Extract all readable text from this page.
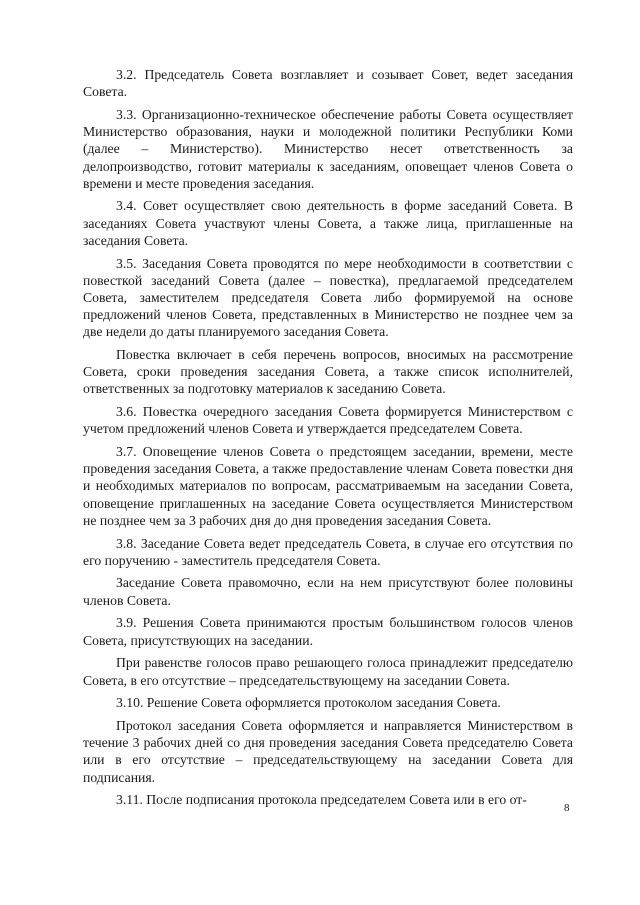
3.2. Председатель Совета возглавляет и созывает Совет, ведет заседания Совета.

3.3. Организационно-техническое обеспечение работы Совета осуществляет Министерство образования, науки и молодежной политики Республики Коми (далее – Министерство). Министерство несет ответственность за делопроизводство, готовит материалы к заседаниям, оповещает членов Совета о времени и месте проведения заседания.

3.4. Совет осуществляет свою деятельность в форме заседаний Совета. В заседаниях Совета участвуют члены Совета, а также лица, приглашенные на заседания Совета.

3.5. Заседания Совета проводятся по мере необходимости в соответствии с повесткой заседаний Совета (далее – повестка), предлагаемой председателем Совета, заместителем председателя Совета либо формируемой на основе предложений членов Совета, представленных в Министерство не позднее чем за две недели до даты планируемого заседания Совета.

Повестка включает в себя перечень вопросов, вносимых на рассмотрение Совета, сроки проведения заседания Совета, а также список исполнителей, ответственных за подготовку материалов к заседанию Совета.

3.6. Повестка очередного заседания Совета формируется Министерством с учетом предложений членов Совета и утверждается председателем Совета.

3.7. Оповещение членов Совета о предстоящем заседании, времени, месте проведения заседания Совета, а также предоставление членам Совета повестки дня и необходимых материалов по вопросам, рассматриваемым на заседании Совета, оповещение приглашенных на заседание Совета осуществляется Министерством не позднее чем за 3 рабочих дня до дня проведения заседания Совета.

3.8. Заседание Совета ведет председатель Совета, в случае его отсутствия по его поручению - заместитель председателя Совета.

Заседание Совета правомочно, если на нем присутствуют более половины членов Совета.

3.9. Решения Совета принимаются простым большинством голосов членов Совета, присутствующих на заседании.

При равенстве голосов право решающего голоса принадлежит председателю Совета, в его отсутствие – председательствующему на заседании Совета.

3.10. Решение Совета оформляется протоколом заседания Совета.

Протокол заседания Совета оформляется и направляется Министерством в течение 3 рабочих дней со дня проведения заседания Совета председателю Совета или в его отсутствие – председательствующему на заседании Совета для подписания.

3.11. После подписания протокола председателем Совета или в его от-

8
